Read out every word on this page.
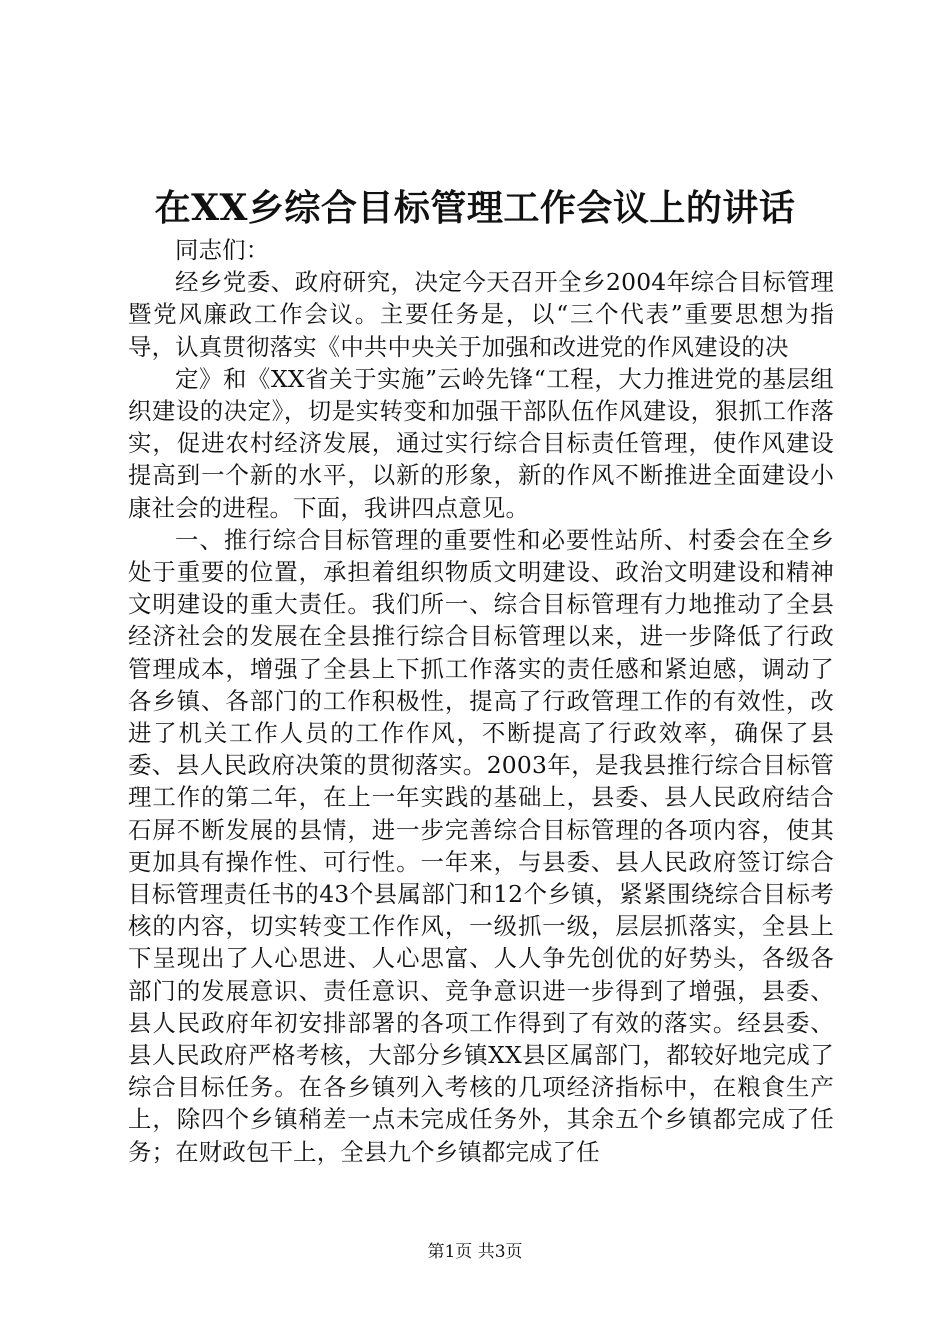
在XX乡综合目标管理工作会议上的讲话

同志们：

经乡党委、政府研究，决定今天召开全乡2004年综合目标管理暨党风廉政工作会议。主要任务是，以“三个代表”重要思想为指导，认真贯彻落实《中共中央关于加强和改进党的作风建设的决

定》和《XX省关于实施”云岭先锋“工程，大力推进党的基层组织建设的决定》，切是实转变和加强干部队伍作风建设，狠抓工作落实，促进农村经济发展，通过实行综合目标责任管理，使作风建设提高到一个新的水平，以新的形象，新的作风不断推进全面建设小康社会的进程。下面，我讲四点意见。

一、推行综合目标管理的重要性和必要性站所、村委会在全乡处于重要的位置，承担着组织物质文明建设、政治文明建设和精神文明建设的重大责任。我们所一、综合目标管理有力地推动了全县经济社会的发展在全县推行综合目标管理以来，进一步降低了行政管理成本，增强了全县上下抓工作落实的责任感和紧迫感，调动了各乡镇、各部门的工作积极性，提高了行政管理工作的有效性，改进了机关工作人员的工作作风，不断提高了行政效率，确保了县委、县人民政府决策的贯彻落实。2003年，是我县推行综合目标管理工作的第二年，在上一年实践的基础上，县委、县人民政府结合石屏不断发展的县情，进一步完善综合目标管理的各项内容，使其更加具有操作性、可行性。一年来，与县委、县人民政府签订综合目标管理责任书的43个县属部门和12个乡镇，紧紧围绕综合目标考核的内容，切实转变工作作风，一级抓一级，层层抓落实，全县上下呈现出了人心思进、人心思富、人人争先创优的好势头，各级各部门的发展意识、责任意识、竞争意识进一步得到了增强，县委、县人民政府年初安排部署的各项工作得到了有效的落实。经县委、县人民政府严格考核，大部分乡镇XX县区属部门，都较好地完成了综合目标任务。在各乡镇列入考核的几项经济指标中，在粮食生产上，除四个乡镇稍差一点未完成任务外，其余五个乡镇都完成了任务；在财政包干上，全县九个乡镇都完成了任

第1页 共3页
